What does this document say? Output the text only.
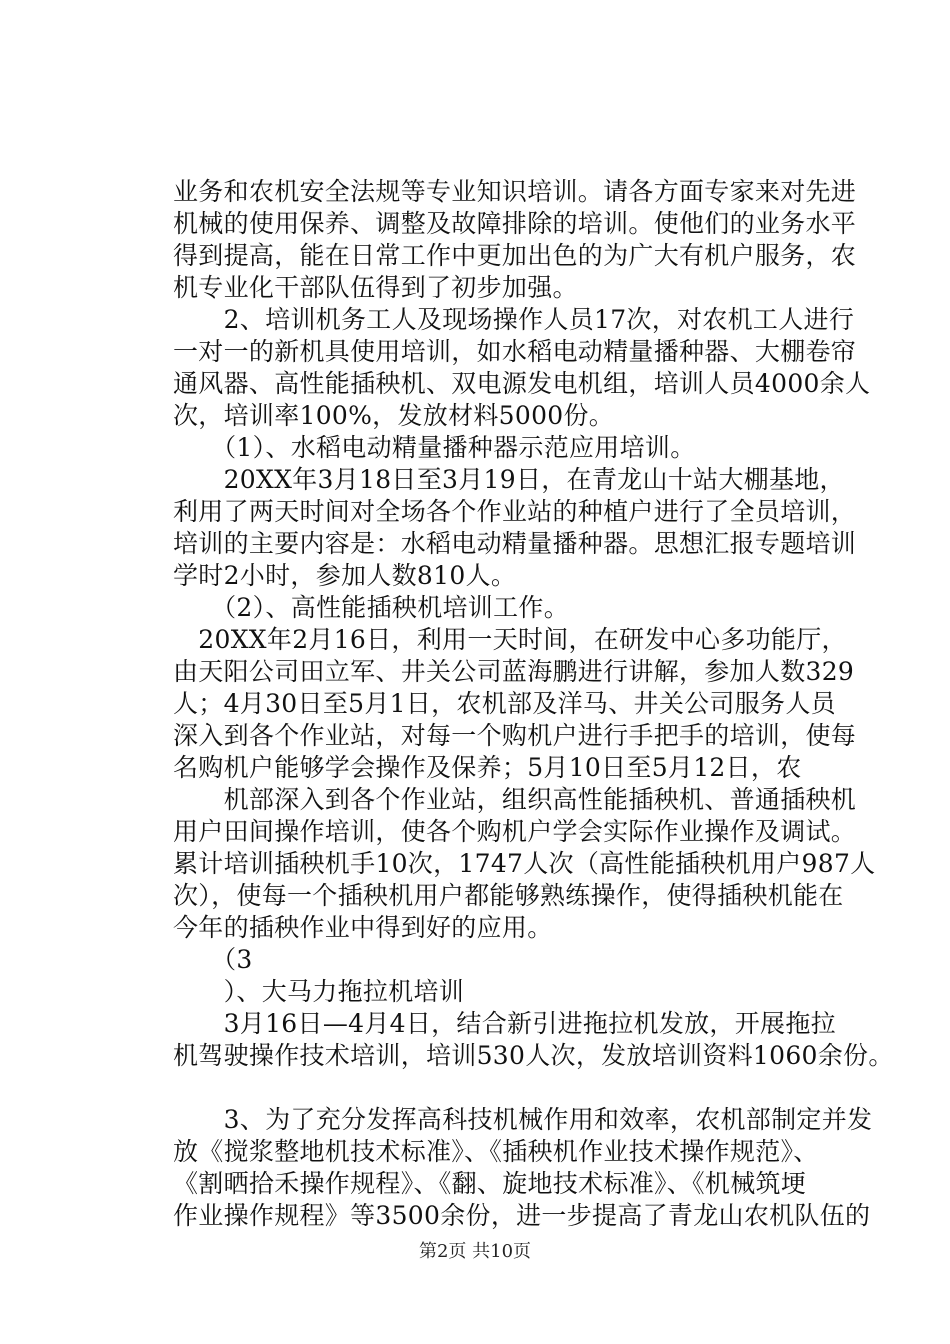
业务和农机安全法规等专业知识培训。请各方面专家来对先进
机械的使用保养、调整及故障排除的培训。使他们的业务水平
得到提高，能在日常工作中更加出色的为广大有机户服务，农
机专业化干部队伍得到了初步加强。
　　2、培训机务工人及现场操作人员17次，对农机工人进行
一对一的新机具使用培训，如水稻电动精量播种器、大棚卷帘
通风器、高性能插秧机、双电源发电机组，培训人员4000余人
次，培训率100%，发放材料5000份。
　　（1）、水稻电动精量播种器示范应用培训。
　　20XX年3月18日至3月19日，在青龙山十站大棚基地，
利用了两天时间对全场各个作业站的种植户进行了全员培训，
培训的主要内容是：水稻电动精量播种器。思想汇报专题培训
学时2小时，参加人数810人。
　　（2）、高性能插秧机培训工作。
　20XX年2月16日，利用一天时间，在研发中心多功能厅，
由天阳公司田立军、井关公司蓝海鹏进行讲解，参加人数329
人；4月30日至5月1日，农机部及洋马、井关公司服务人员
深入到各个作业站，对每一个购机户进行手把手的培训，使每
名购机户能够学会操作及保养；5月10日至5月12日，农
　　机部深入到各个作业站，组织高性能插秧机、普通插秧机
用户田间操作培训，使各个购机户学会实际作业操作及调试。
累计培训插秧机手10次，1747人次（高性能插秧机用户987人
次），使每一个插秧机用户都能够熟练操作，使得插秧机能在
今年的插秧作业中得到好的应用。
　　（3
　　）、大马力拖拉机培训
　　3月16日—4月4日，结合新引进拖拉机发放，开展拖拉
机驾驶操作技术培训，培训530人次，发放培训资料1060余份。
　　3、为了充分发挥高科技机械作用和效率，农机部制定并发
放《搅浆整地机技术标准》、《插秧机作业技术操作规范》、
《割晒拾禾操作规程》、《翻、旋地技术标准》、《机械筑埂
作业操作规程》等3500余份，进一步提高了青龙山农机队伍的
第2页 共10页
